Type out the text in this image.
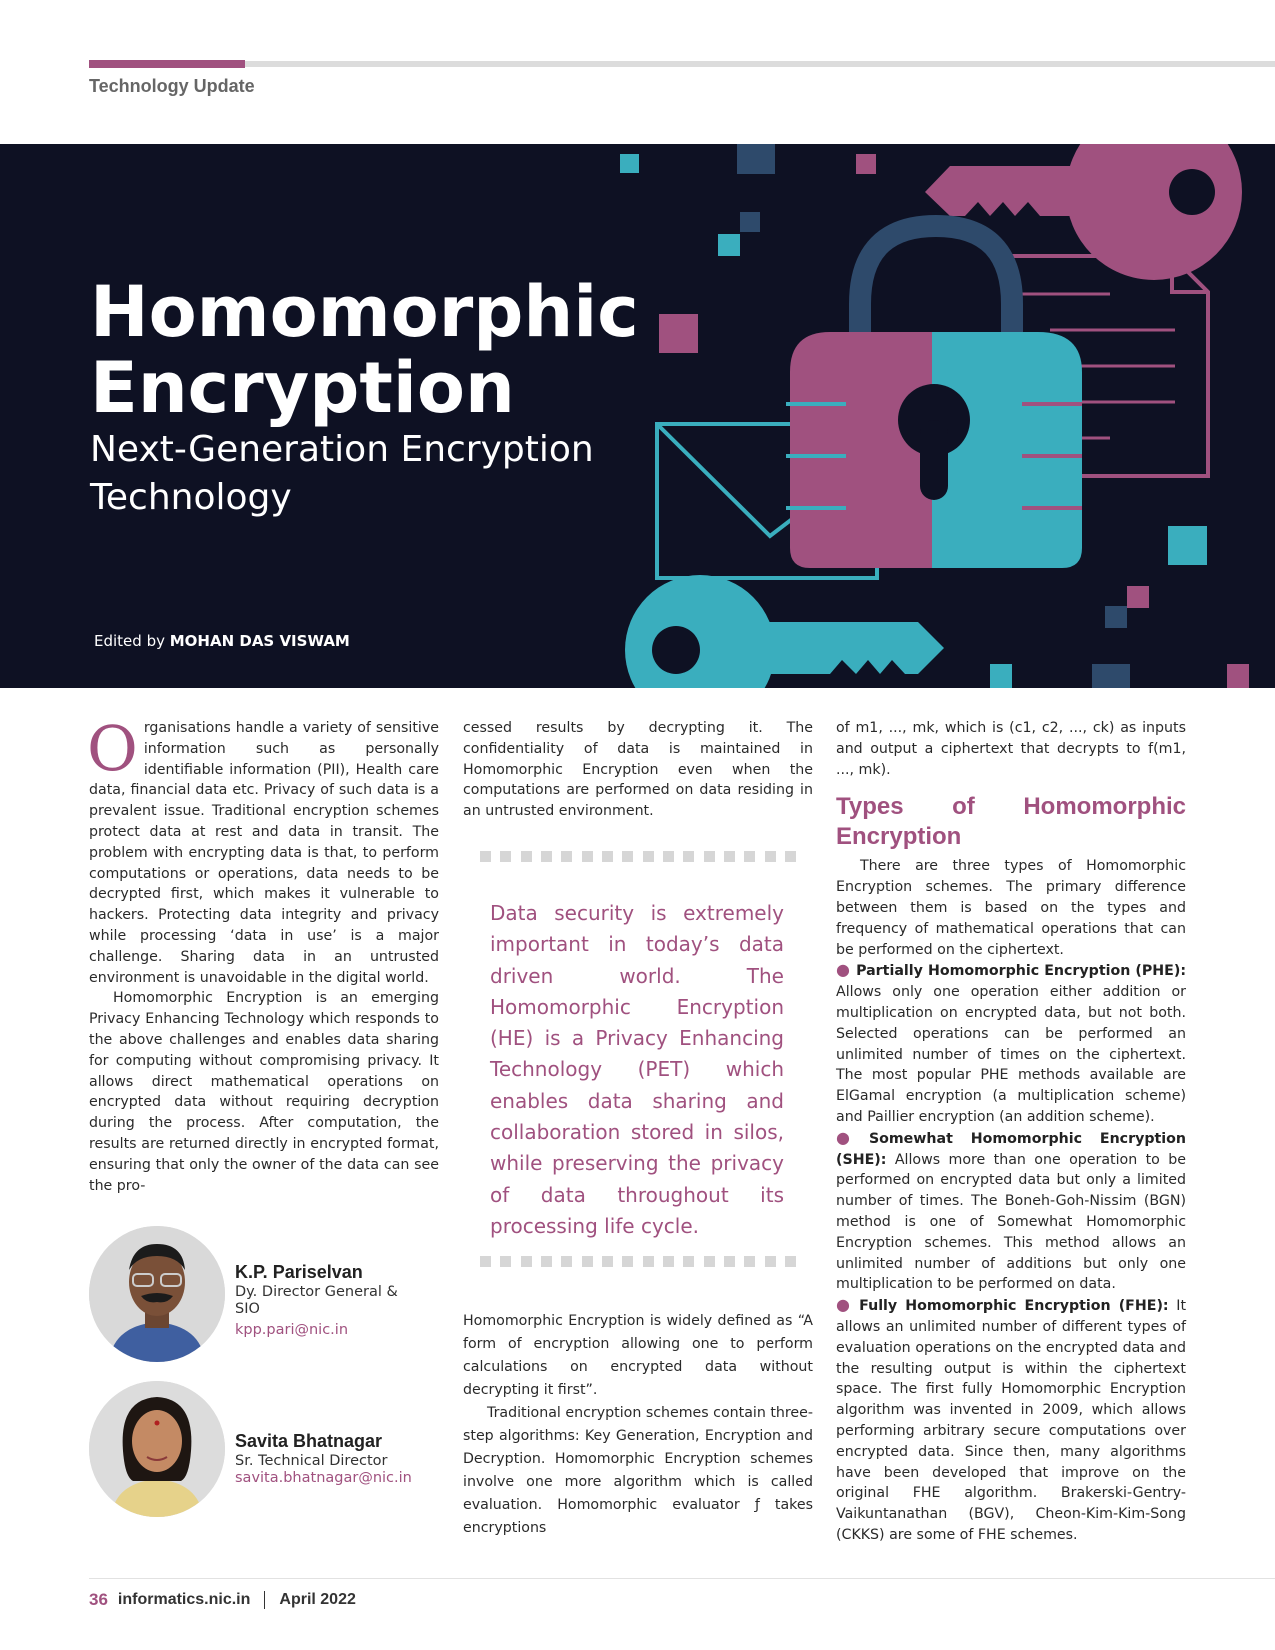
Technology Update
Homomorphic Encryption
Next-Generation Encryption Technology
Edited by MOHAN DAS VISWAM

Organisations handle a variety of sensitive information such as personally identifiable information (PII), Health care data, financial data etc. Privacy of such data is a prevalent issue. Traditional encryption schemes protect data at rest and data in transit. The problem with encrypting data is that, to perform computations or operations, data needs to be decrypted first, which makes it vulnerable to hackers. Protecting data integrity and privacy while processing ‘data in use’ is a major challenge. Sharing data in an untrusted environment is unavoidable in the digital world.

Homomorphic Encryption is an emerging Privacy Enhancing Technology which responds to the above challenges and enables data sharing for computing without compromising privacy. It allows direct mathematical operations on encrypted data without requiring decryption during the process. After computation, the results are returned directly in encrypted format, ensuring that only the owner of the data can see the pro-

cessed results by decrypting it. The confidentiality of data is maintained in Homomorphic Encryption even when the computations are performed on data residing in an untrusted environment.

Data security is extremely important in today’s data driven world. The Homomorphic Encryption (HE) is a Privacy Enhancing Technology (PET) which enables data sharing and collaboration stored in silos, while preserving the privacy of data throughout its processing life cycle.

Homomorphic Encryption is widely defined as “A form of encryption allowing one to perform calculations on encrypted data without decrypting it first”.

Traditional encryption schemes contain three-step algorithms: Key Generation, Encryption and Decryption. Homomorphic Encryption schemes involve one more algorithm which is called evaluation. Homomorphic evaluator ƒ takes encryptions

of m1, ..., mk, which is (c1, c2, ..., ck) as inputs and output a ciphertext that decrypts to f(m1, ..., mk).

Types of Homomorphic Encryption

There are three types of Homomorphic Encryption schemes. The primary difference between them is based on the types and frequency of mathematical operations that can be performed on the ciphertext.

● Partially Homomorphic Encryption (PHE): Allows only one operation either addition or multiplication on encrypted data, but not both. Selected operations can be performed an unlimited number of times on the ciphertext. The most popular PHE methods available are ElGamal encryption (a multiplication scheme) and Paillier encryption (an addition scheme).

● Somewhat Homomorphic Encryption (SHE): Allows more than one operation to be performed on encrypted data but only a limited number of times. The Boneh-Goh-Nissim (BGN) method is one of Somewhat Homomorphic Encryption schemes. This method allows an unlimited number of additions but only one multiplication to be performed on data.

● Fully Homomorphic Encryption (FHE): It allows an unlimited number of different types of evaluation operations on the encrypted data and the resulting output is within the ciphertext space. The first fully Homomorphic Encryption algorithm was invented in 2009, which allows performing arbitrary secure computations over encrypted data. Since then, many algorithms have been developed that improve on the original FHE algorithm. Brakerski-Gentry-Vaikuntanathan (BGV), Cheon-Kim-Kim-Song (CKKS) are some of FHE schemes.

K.P. Pariselvan
Dy. Director General & SIO
kpp.pari@nic.in
Savita Bhatnagar
Sr. Technical Director
savita.bhatnagar@nic.in
36 informatics.nic.in April 2022
